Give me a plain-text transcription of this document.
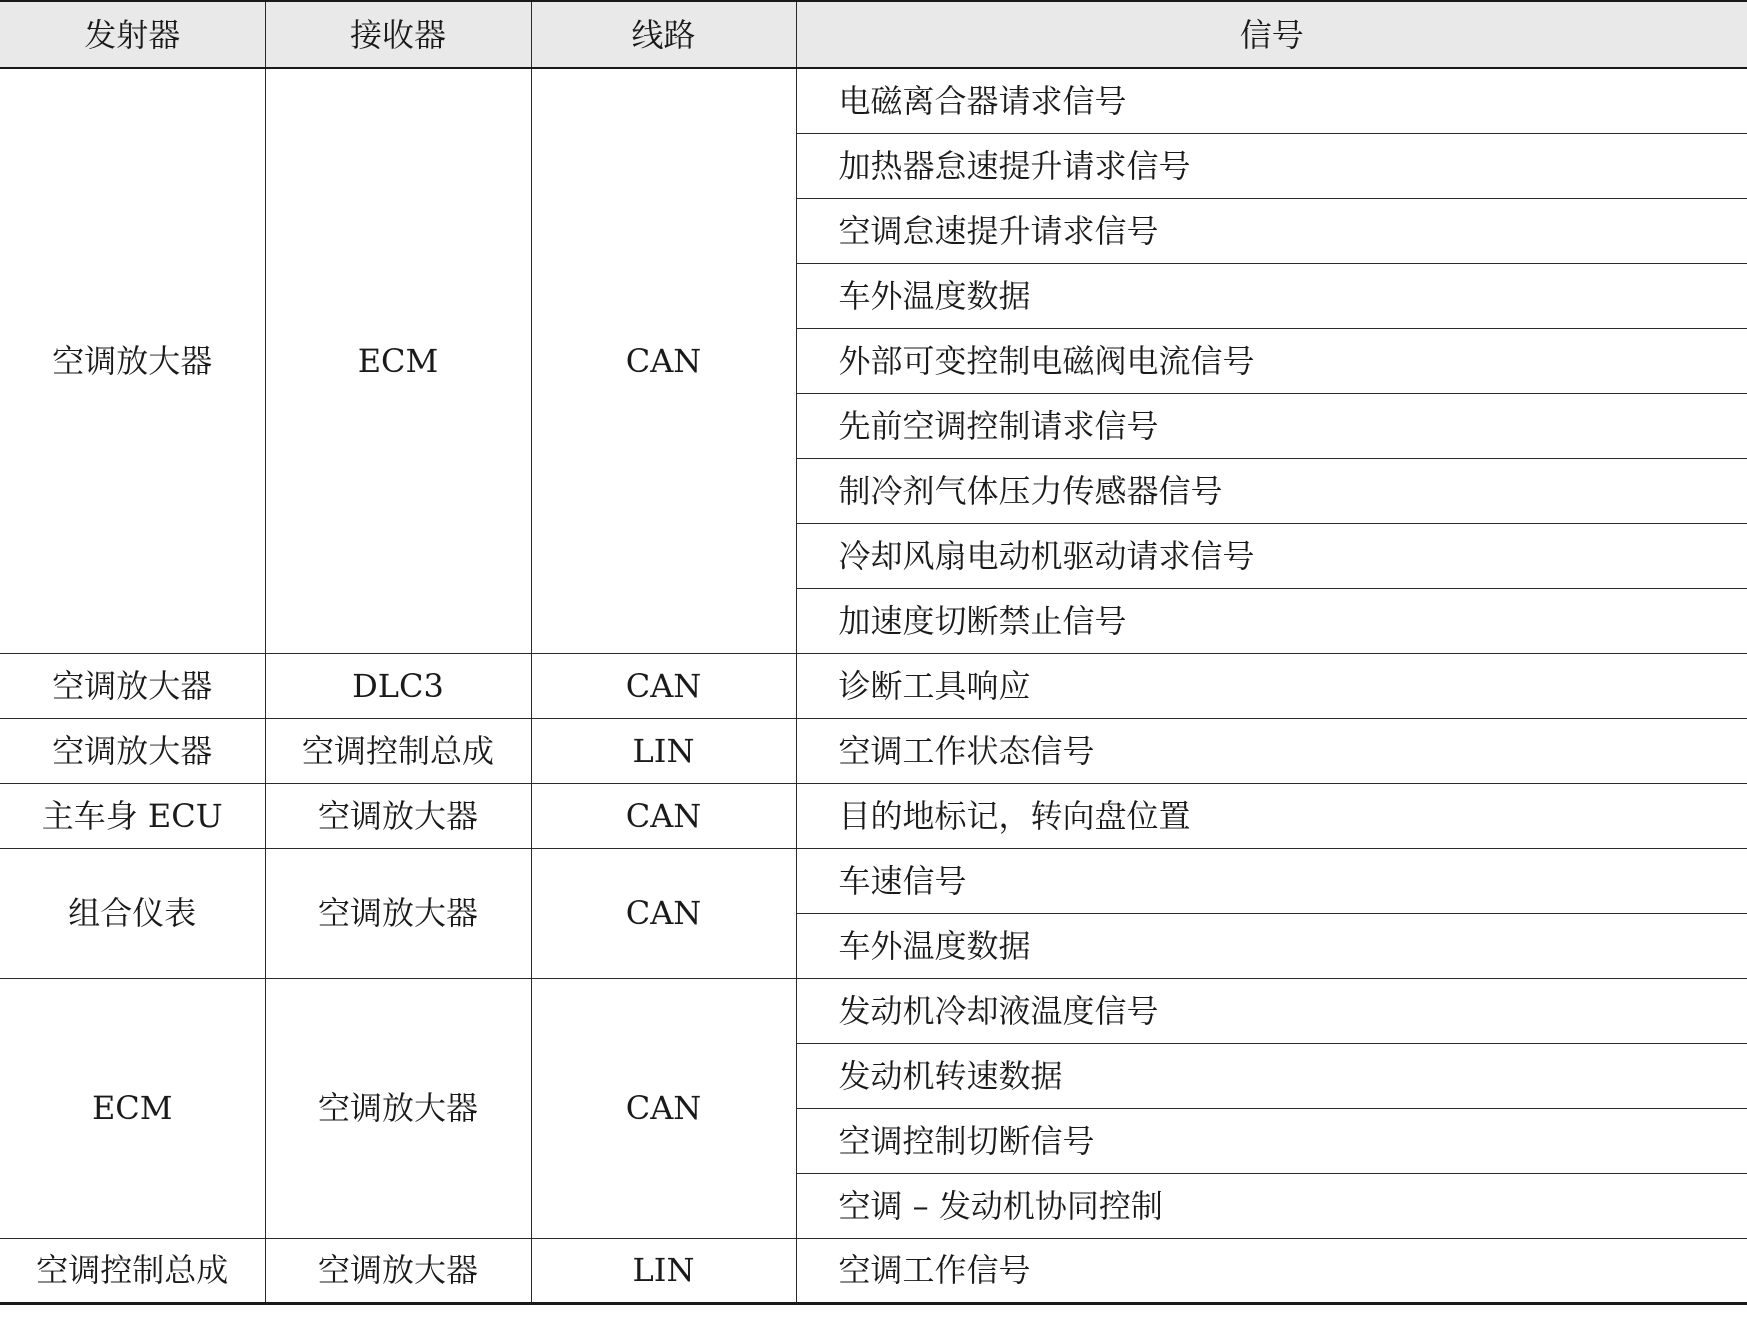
发射器	接收器	线路	信号
空调放大器	ECM	CAN	电磁离合器请求信号
			加热器怠速提升请求信号
			空调怠速提升请求信号
			车外温度数据
			外部可变控制电磁阀电流信号
			先前空调控制请求信号
			制冷剂气体压力传感器信号
			冷却风扇电动机驱动请求信号
			加速度切断禁止信号
空调放大器	DLC3	CAN	诊断工具响应
空调放大器	空调控制总成	LIN	空调工作状态信号
主车身 ECU	空调放大器	CAN	目的地标记，转向盘位置
组合仪表	空调放大器	CAN	车速信号
			车外温度数据
ECM	空调放大器	CAN	发动机冷却液温度信号
			发动机转速数据
			空调控制切断信号
			空调 – 发动机协同控制
空调控制总成	空调放大器	LIN	空调工作信号
